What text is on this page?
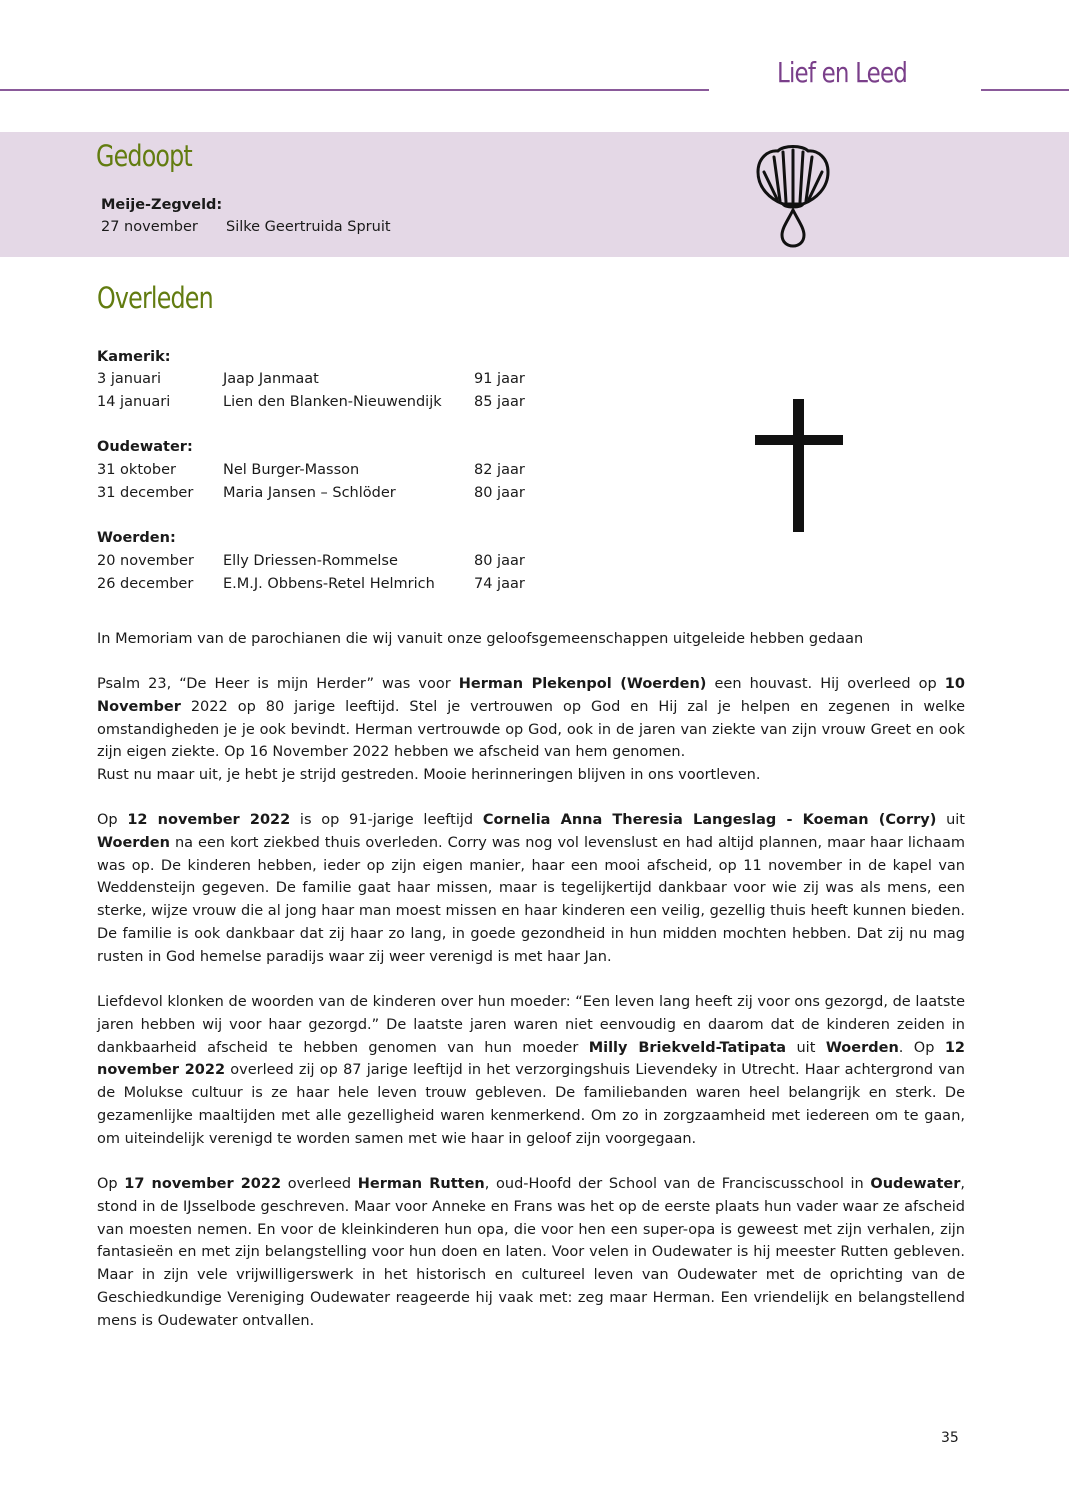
Lief en Leed
Gedoopt
Meije-Zegveld:
27 november Silke Geertruida Spruit
Overleden
Kamerik:
3 januari	Jaap Janmaat	91 jaar
14 januari	Lien den Blanken-Nieuwendijk 85 jaar
Oudewater:
31 oktober	Nel Burger-Masson	82 jaar
31 december Maria Jansen – Schlöder	80 jaar
Woerden:
20 november Elly Driessen-Rommelse	80 jaar
26 december E.M.J. Obbens-Retel Helmrich	74 jaar
In Memoriam van de parochianen die wij vanuit onze geloofsgemeenschappen uitgeleide hebben gedaan
Psalm 23, “De Heer is mijn Herder” was voor Herman Plekenpol (Woerden) een houvast. Hij overleed op 10 November 2022 op 80 jarige leeftijd. Stel je vertrouwen op God en Hij zal je helpen en zegenen in welke omstandigheden je je ook bevindt. Herman vertrouwde op God, ook in de jaren van ziekte van zijn vrouw Greet en ook zijn eigen ziekte. Op 16 November 2022 hebben we afscheid van hem genomen.
Rust nu maar uit, je hebt je strijd gestreden. Mooie herinneringen blijven in ons voortleven.
Op 12 november 2022 is op 91-jarige leeftijd Cornelia Anna Theresia Langeslag - Koeman (Corry) uit Woerden na een kort ziekbed thuis overleden. Corry was nog vol levenslust en had altijd plannen, maar haar lichaam was op. De kinderen hebben, ieder op zijn eigen manier, haar een mooi afscheid, op 11 november in de kapel van Weddensteijn gegeven. De familie gaat haar missen, maar is tegelijkertijd dankbaar voor wie zij was als mens, een sterke, wijze vrouw die al jong haar man moest missen en haar kinderen een veilig, gezellig thuis heeft kunnen bieden. De familie is ook dankbaar dat zij haar zo lang, in goede gezondheid in hun midden mochten hebben. Dat zij nu mag rusten in God hemelse paradijs waar zij weer verenigd is met haar Jan.
Liefdevol klonken de woorden van de kinderen over hun moeder: “Een leven lang heeft zij voor ons gezorgd, de laatste jaren hebben wij voor haar gezorgd.” De laatste jaren waren niet eenvoudig en daarom dat de kinderen zeiden in dankbaarheid afscheid te hebben genomen van hun moeder Milly Briekveld-Tatipata uit Woerden. Op 12 november 2022 overleed zij op 87 jarige leeftijd in het verzorgingshuis Lievendeky in Utrecht. Haar achtergrond van de Molukse cultuur is ze haar hele leven trouw gebleven. De familiebanden waren heel belangrijk en sterk. De gezamenlijke maaltijden met alle gezelligheid waren kenmerkend. Om zo in zorgzaamheid met iedereen om te gaan, om uiteindelijk verenigd te worden samen met wie haar in geloof zijn voorgegaan.
Op 17 november 2022 overleed Herman Rutten, oud-Hoofd der School van de Franciscusschool in Oudewater, stond in de IJsselbode geschreven. Maar voor Anneke en Frans was het op de eerste plaats hun vader waar ze afscheid van moesten nemen. En voor de kleinkinderen hun opa, die voor hen een super-opa is geweest met zijn verhalen, zijn fantasieën en met zijn belangstelling voor hun doen en laten. Voor velen in Oudewater is hij meester Rutten gebleven. Maar in zijn vele vrijwilligerswerk in het historisch en cultureel leven van Oudewater met de oprichting van de Geschiedkundige Vereniging Oudewater reageerde hij vaak met: zeg maar Herman. Een vriendelijk en belangstellend mens is Oudewater ontvallen.
35
